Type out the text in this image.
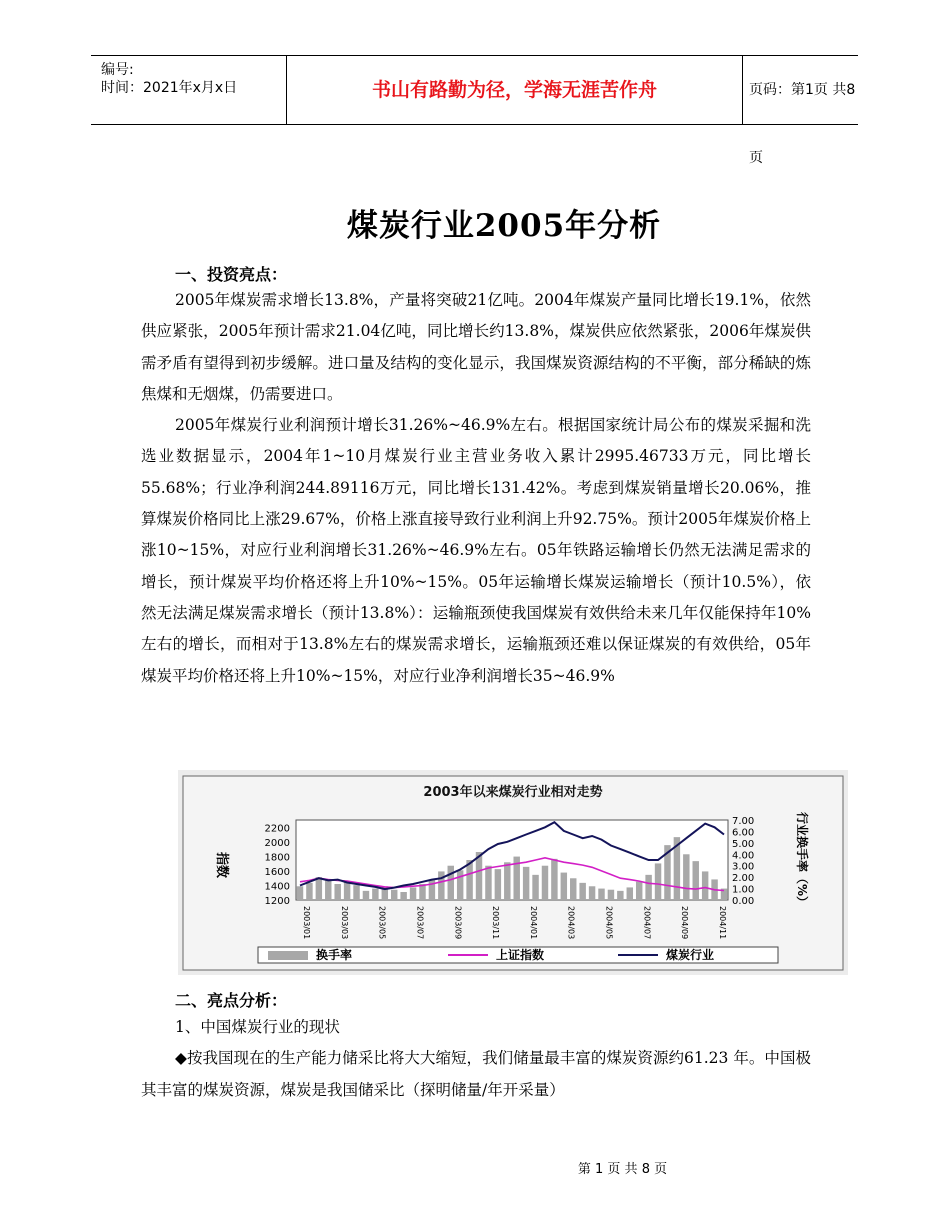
编号:
时间：2021年x月x日	书山有路勤为径，学海无涯苦作舟	页码：第1页 共8页
煤炭行业2005年分析
一、投资亮点：

2005年煤炭需求增长13.8%，产量将突破21亿吨。2004年煤炭产量同比增长19.1%，依然供应紧张，2005年预计需求21.04亿吨，同比增长约13.8%，煤炭供应依然紧张，2006年煤炭供需矛盾有望得到初步缓解。进口量及结构的变化显示，我国煤炭资源结构的不平衡，部分稀缺的炼焦煤和无烟煤，仍需要进口。

2005年煤炭行业利润预计增长31.26%~46.9%左右。根据国家统计局公布的煤炭采掘和洗选业数据显示，2004年1~10月煤炭行业主营业务收入累计2995.46733万元，同比增长55.68%；行业净利润244.89116万元，同比增长131.42%。考虑到煤炭销量增长20.06%，推算煤炭价格同比上涨29.67%，价格上涨直接导致行业利润上升92.75%。预计2005年煤炭价格上涨10~15%，对应行业利润增长31.26%~46.9%左右。05年铁路运输增长仍然无法满足需求的增长，预计煤炭平均价格还将上升10%~15%。05年运输增长煤炭运输增长（预计10.5%），依然无法满足煤炭需求增长（预计13.8%）：运输瓶颈使我国煤炭有效供给未来几年仅能保持年10%左右的增长，而相对于13.8%左右的煤炭需求增长，运输瓶颈还难以保证煤炭的有效供给，05年煤炭平均价格还将上升10%~15%，对应行业净利润增长35~46.9%

2003年以来煤炭行业相对走势
指数	行业换手率（%）
2200
2000
1800
1600
1400
1200
7.00
6.00
5.00
4.00
3.00
2.00
1.00
0.00
2003/01	2003/03	2003/05	2003/07	2003/09	2003/11	2004/01	2004/03	2004/05	2004/07	2004/09	2004/11
换手率	上证指数	煤炭行业
二、亮点分析：

1、中国煤炭行业的现状

◆按我国现在的生产能力储采比将大大缩短，我们储量最丰富的煤炭资源约61.23 年。中国极其丰富的煤炭资源，煤炭是我国储采比（探明储量/年开采量）

第 1 页 共 8 页
